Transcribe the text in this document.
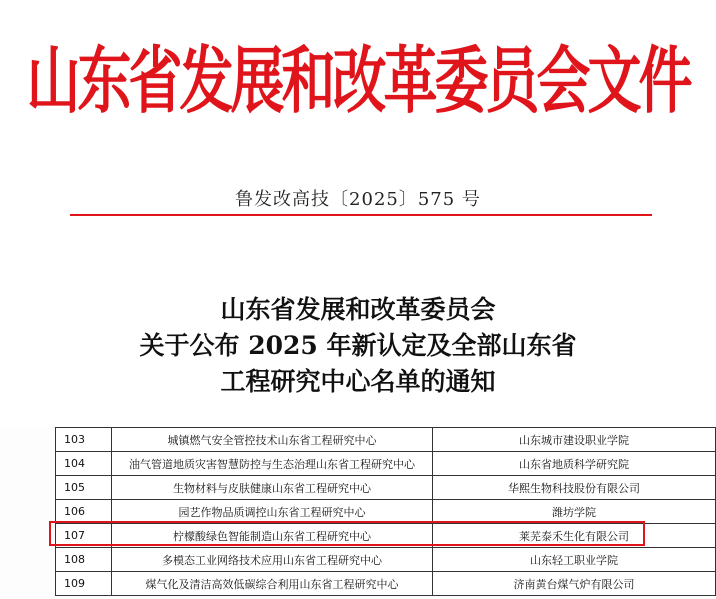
山东省发展和改革委员会文件
鲁发改高技〔2025〕575 号
山东省发展和改革委员会
关于公布 2025 年新认定及全部山东省
工程研究中心名单的通知
103	城镇燃气安全管控技术山东省工程研究中心	山东城市建设职业学院
104	油气管道地质灾害智慧防控与生态治理山东省工程研究中心	山东省地质科学研究院
105	生物材料与皮肤健康山东省工程研究中心	华熙生物科技股份有限公司
106	园艺作物品质调控山东省工程研究中心	潍坊学院
107	柠檬酸绿色智能制造山东省工程研究中心	莱芜泰禾生化有限公司
108	多模态工业网络技术应用山东省工程研究中心	山东轻工职业学院
109	煤气化及清洁高效低碳综合利用山东省工程研究中心	济南黄台煤气炉有限公司
